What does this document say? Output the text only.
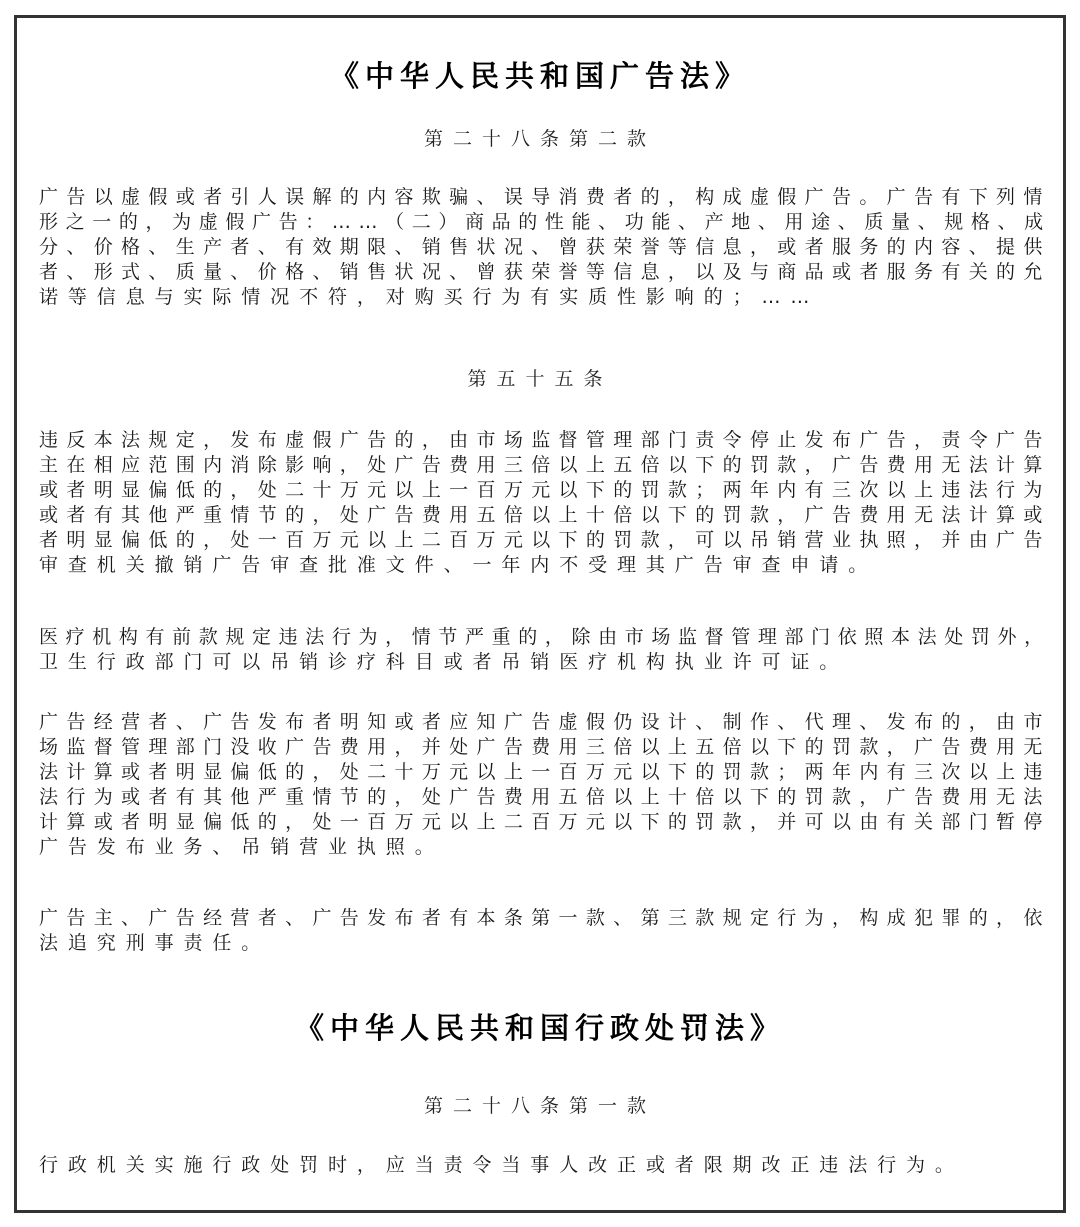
《中华人民共和国广告法》
第二十八条第二款
广 告 以 虚 假 或 者 引 人 误 解 的 内 容 欺 骗 、 误 导 消 费 者 的 ， 构 成 虚 假 广 告 。 广 告 有 下 列 情
形 之 一 的 ， 为 虚 假 广 告 ： … … （ 二 ） 商 品 的 性 能 、 功 能 、 产 地 、 用 途 、 质 量 、 规 格 、 成
分 、 价 格 、 生 产 者 、 有 效 期 限 、 销 售 状 况 、 曾 获 荣 誉 等 信 息 ， 或 者 服 务 的 内 容 、 提 供
者 、 形 式 、 质 量 、 价 格 、 销 售 状 况 、 曾 获 荣 誉 等 信 息 ， 以 及 与 商 品 或 者 服 务 有 关 的 允
诺等信息与实际情况不符，对购买行为有实质性影响的；……
第五十五条
违 反 本 法 规 定 ， 发 布 虚 假 广 告 的 ， 由 市 场 监 督 管 理 部 门 责 令 停 止 发 布 广 告 ， 责 令 广 告
主 在 相 应 范 围 内 消 除 影 响 ， 处 广 告 费 用 三 倍 以 上 五 倍 以 下 的 罚 款 ， 广 告 费 用 无 法 计 算
或 者 明 显 偏 低 的 ， 处 二 十 万 元 以 上 一 百 万 元 以 下 的 罚 款 ； 两 年 内 有 三 次 以 上 违 法 行 为
或 者 有 其 他 严 重 情 节 的 ， 处 广 告 费 用 五 倍 以 上 十 倍 以 下 的 罚 款 ， 广 告 费 用 无 法 计 算 或
者 明 显 偏 低 的 ， 处 一 百 万 元 以 上 二 百 万 元 以 下 的 罚 款 ， 可 以 吊 销 营 业 执 照 ， 并 由 广 告
审查机关撤销广告审查批准文件、一年内不受理其广告审查申请。
医 疗 机 构 有 前 款 规 定 违 法 行 为 ， 情 节 严 重 的 ， 除 由 市 场 监 督 管 理 部 门 依 照 本 法 处 罚 外 ，
卫生行政部门可以吊销诊疗科目或者吊销医疗机构执业许可证。
广 告 经 营 者 、 广 告 发 布 者 明 知 或 者 应 知 广 告 虚 假 仍 设 计 、 制 作 、 代 理 、 发 布 的 ， 由 市
场 监 督 管 理 部 门 没 收 广 告 费 用 ， 并 处 广 告 费 用 三 倍 以 上 五 倍 以 下 的 罚 款 ， 广 告 费 用 无
法 计 算 或 者 明 显 偏 低 的 ， 处 二 十 万 元 以 上 一 百 万 元 以 下 的 罚 款 ； 两 年 内 有 三 次 以 上 违
法 行 为 或 者 有 其 他 严 重 情 节 的 ， 处 广 告 费 用 五 倍 以 上 十 倍 以 下 的 罚 款 ， 广 告 费 用 无 法
计 算 或 者 明 显 偏 低 的 ， 处 一 百 万 元 以 上 二 百 万 元 以 下 的 罚 款 ， 并 可 以 由 有 关 部 门 暂 停
广告发布业务、吊销营业执照。
广 告 主 、 广 告 经 营 者 、 广 告 发 布 者 有 本 条 第 一 款 、 第 三 款 规 定 行 为 ， 构 成 犯 罪 的 ， 依
法追究刑事责任。
《中华人民共和国行政处罚法》
第二十八条第一款
行政机关实施行政处罚时，应当责令当事人改正或者限期改正违法行为。
